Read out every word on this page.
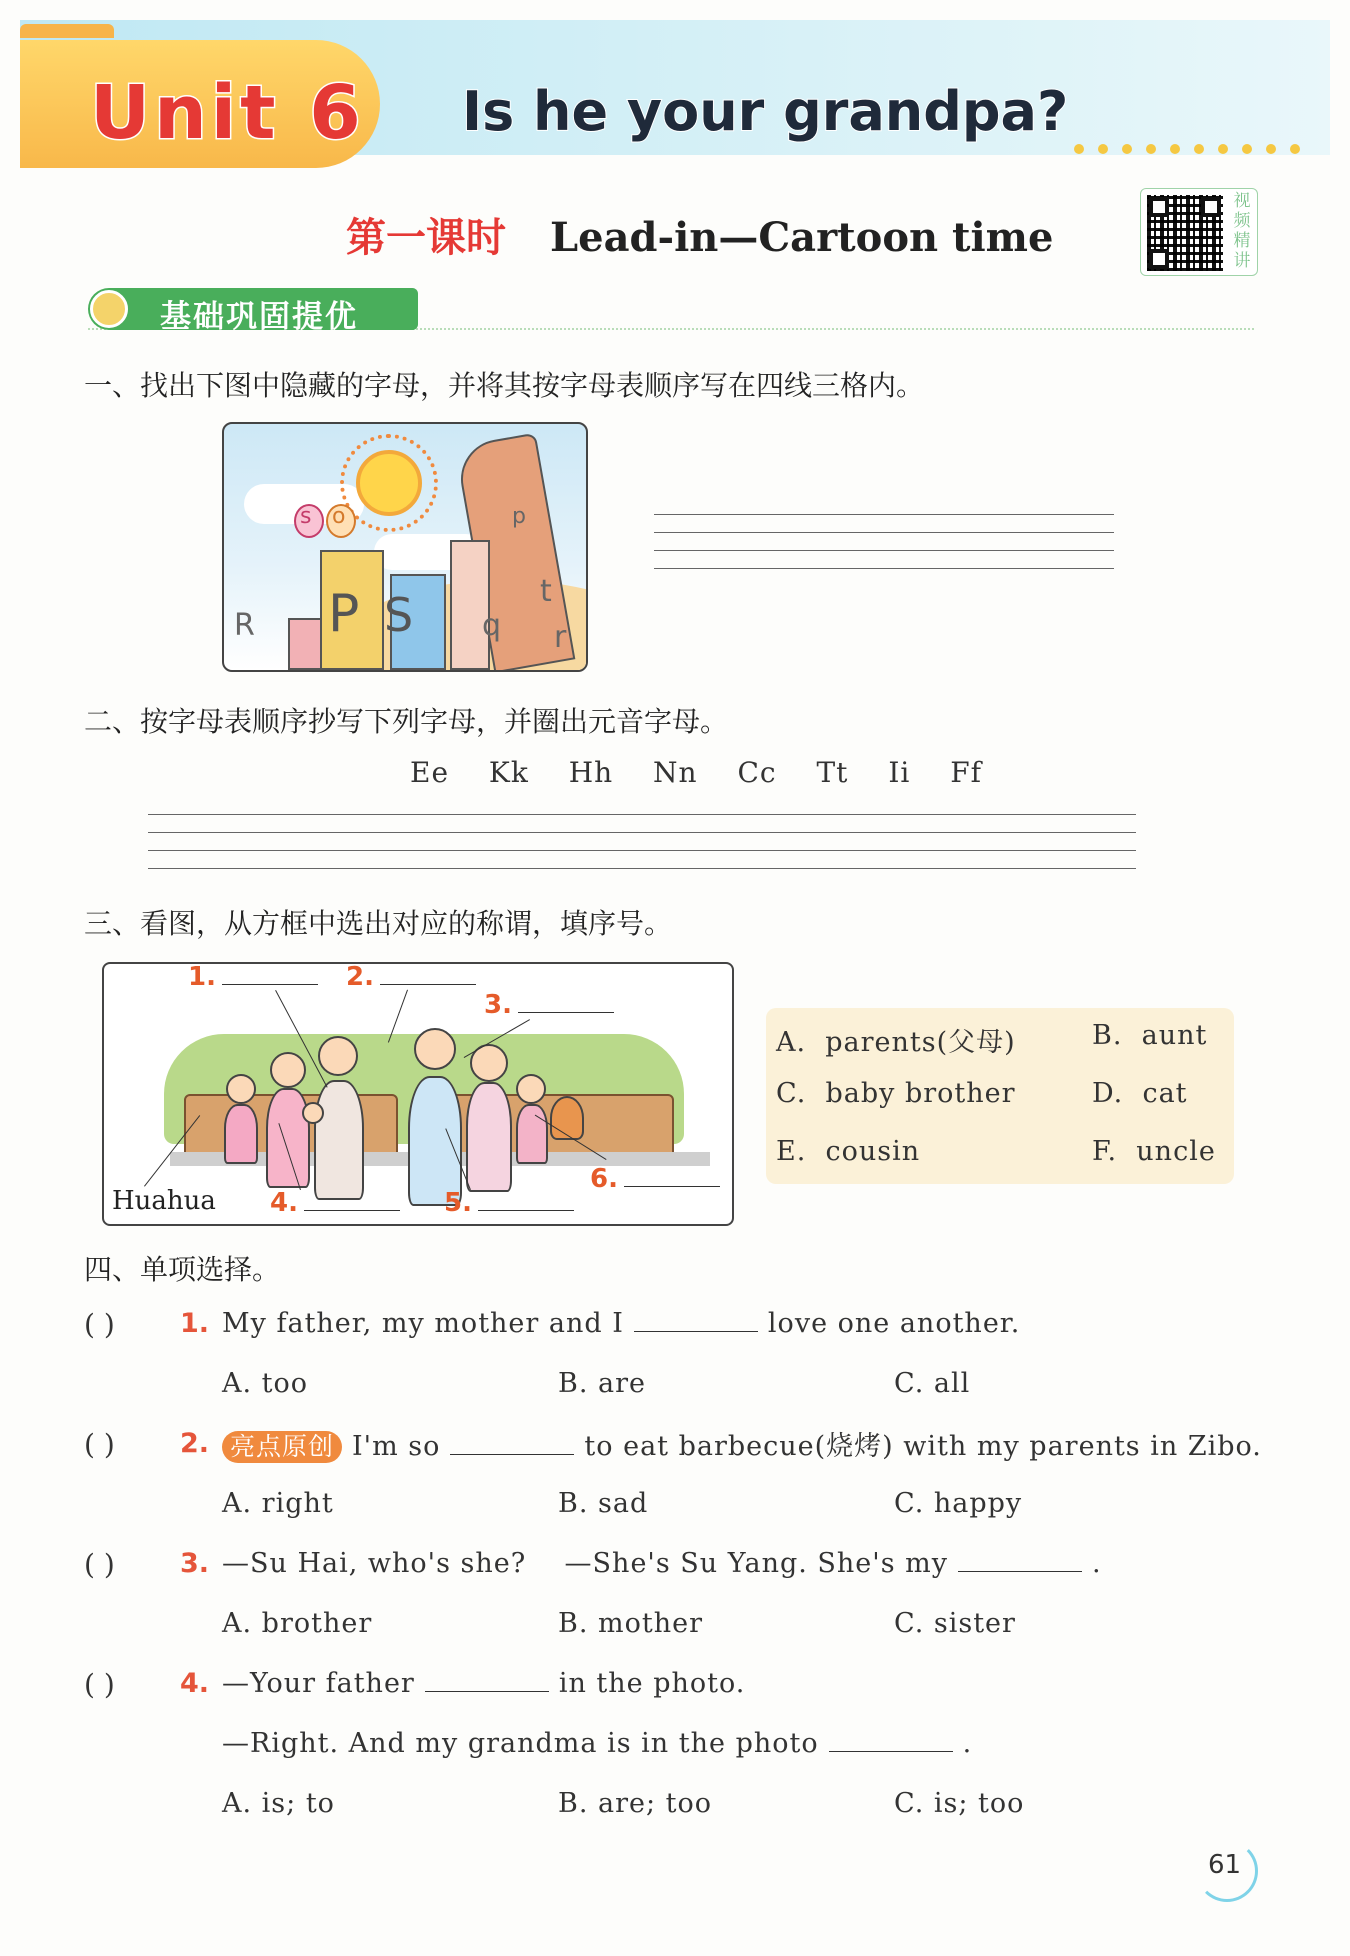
Unit 6 Is he your grandpa?
第一课时 Lead-in—Cartoon time
视频精讲
基础巩固提优
一、找出下图中隐藏的字母，并将其按字母表顺序写在四线三格内。
R P S	t
q r
s o	p
二、按字母表顺序抄写下列字母，并圈出元音字母。
Ee Kk Hh Nn Cc Tt Ii Ff
三、看图，从方框中选出对应的称谓，填序号。
1.	2.
3.
4.	5.
6.
Huahua
A. parents(父母)	B. aunt
C. baby brother	D. cat
E. cousin	F. uncle
四、单项选择。
( ) 1. My father, my mother and I	love one another.
A. too	B. are	C. all
( ) 2. 亮点原创 I'm so	to eat barbecue(烧烤) with my parents in Zibo.
A. right	B. sad	C. happy
( ) 3. —Su Hai, who's she?    —She's Su Yang. She's my	.
A. brother	B. mother	C. sister
( ) 4. —Your father	in the photo.
—Right. And my grandma is in the photo	.
A. is; to	B. are; too	C. is; too
61
